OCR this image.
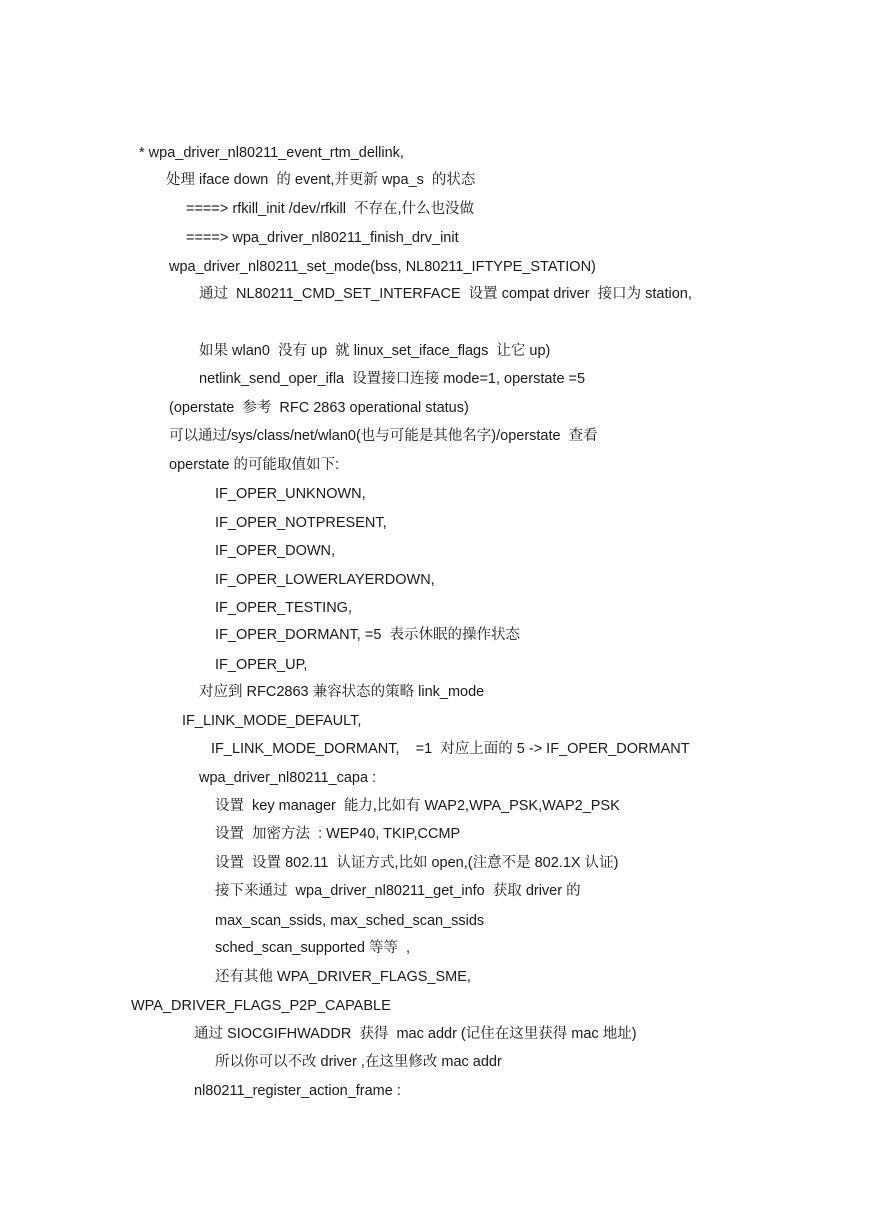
* wpa_driver_nl80211_event_rtm_dellink,
处理 iface down  的 event,并更新 wpa_s  的状态
====> rfkill_init /dev/rfkill  不存在,什么也没做
====> wpa_driver_nl80211_finish_drv_init
wpa_driver_nl80211_set_mode(bss, NL80211_IFTYPE_STATION)
通过  NL80211_CMD_SET_INTERFACE  设置 compat driver  接口为 station,
如果 wlan0  没有 up  就 linux_set_iface_flags  让它 up)
netlink_send_oper_ifla  设置接口连接 mode=1, operstate =5
(operstate  参考  RFC 2863 operational status)
可以通过/sys/class/net/wlan0(也与可能是其他名字)/operstate  查看
operstate 的可能取值如下:
IF_OPER_UNKNOWN,
IF_OPER_NOTPRESENT,
IF_OPER_DOWN,
IF_OPER_LOWERLAYERDOWN,
IF_OPER_TESTING,
IF_OPER_DORMANT, =5  表示休眠的操作状态
IF_OPER_UP,
对应到 RFC2863 兼容状态的策略 link_mode
IF_LINK_MODE_DEFAULT,
IF_LINK_MODE_DORMANT,    =1  对应上面的 5 -> IF_OPER_DORMANT
wpa_driver_nl80211_capa :
设置  key manager  能力,比如有 WAP2,WPA_PSK,WAP2_PSK
设置  加密方法  : WEP40, TKIP,CCMP
设置  设置 802.11  认证方式,比如 open,(注意不是 802.1X 认证)
接下来通过  wpa_driver_nl80211_get_info  获取 driver 的
max_scan_ssids, max_sched_scan_ssids
sched_scan_supported 等等  ,
还有其他 WPA_DRIVER_FLAGS_SME,
WPA_DRIVER_FLAGS_P2P_CAPABLE
通过 SIOCGIFHWADDR  获得  mac addr (记住在这里获得 mac 地址)
所以你可以不改 driver ,在这里修改 mac addr
nl80211_register_action_frame :
